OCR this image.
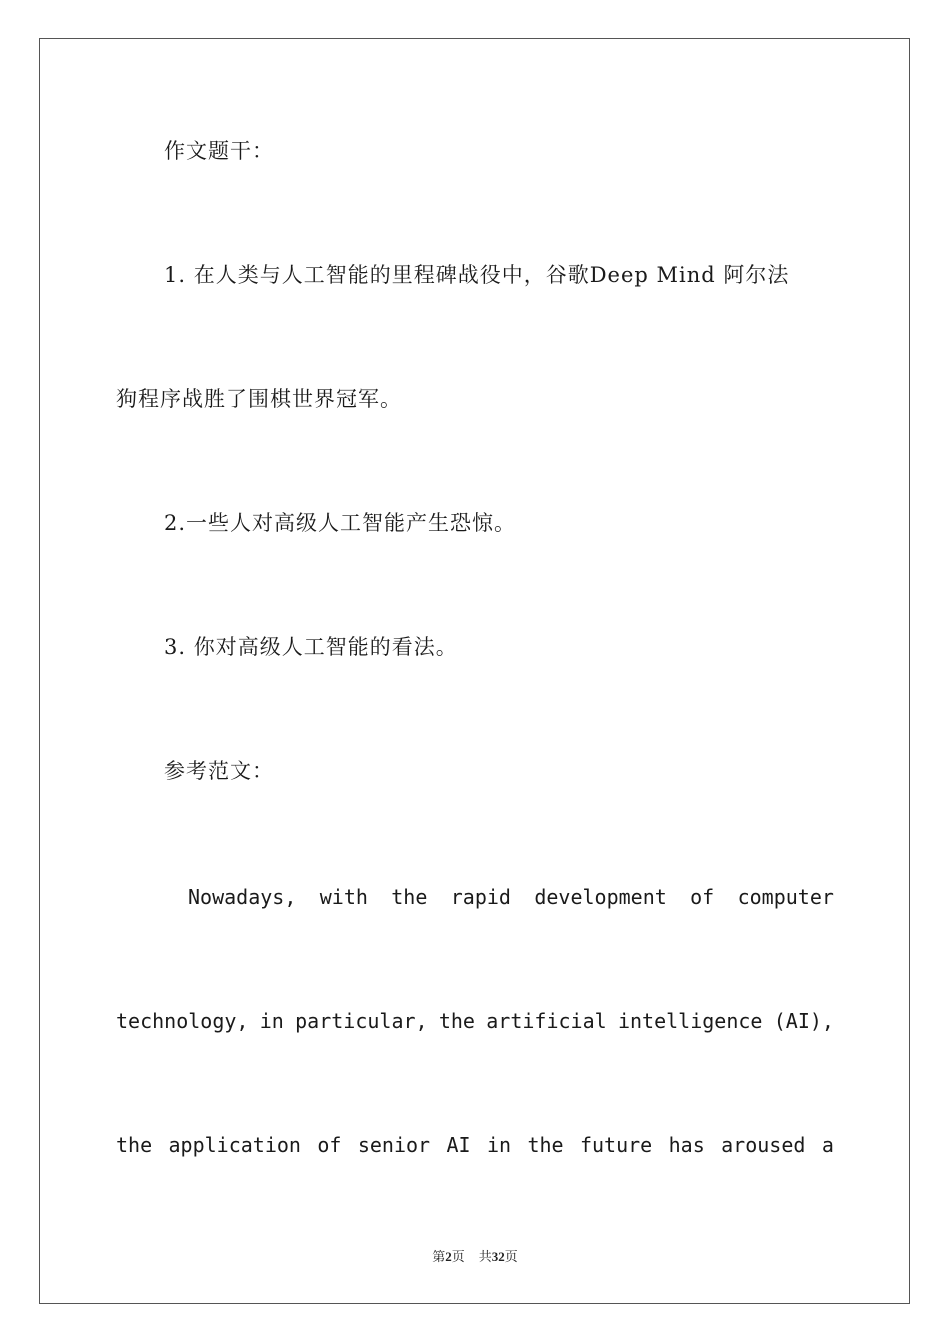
作文题干：
1. 在人类与人工智能的里程碑战役中，谷歌Deep Mind 阿尔法
狗程序战胜了围棋世界冠军。
2.一些人对高级人工智能产生恐惊。
3. 你对高级人工智能的看法。
参考范文：
Nowadays, with the rapid development of computer
technology, in particular, the artificial intelligence (AI),
the application of senior AI in the future has aroused a
第2页 共32页
